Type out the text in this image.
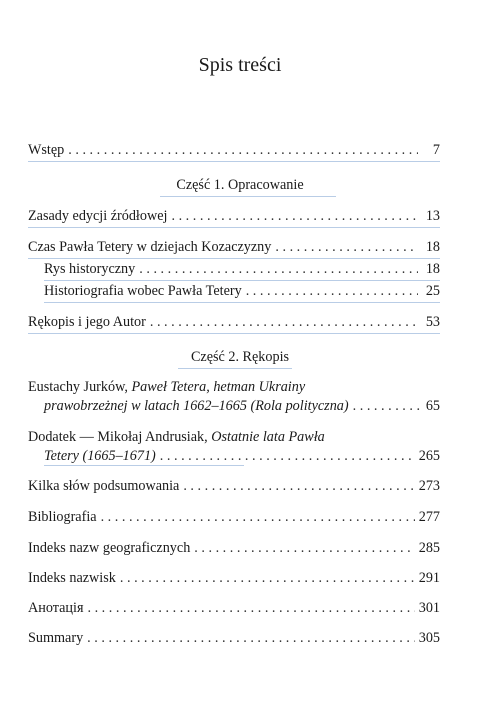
Spis treści
Wstęp . . .	7
Część 1. Opracowanie
Zasady edycji źródłowej . . .	13
Czas Pawła Tetery w dziejach Kozaczyzny . . .	18
Rys historyczny . . .	18
Historiografia wobec Pawła Tetery . . .	25
Rękopis i jego Autor . . .	53
Część 2. Rękopis
Eustachy Jurków, Paweł Tetera, hetman Ukrainy
prawobrzeżnej w latach 1662–1665 (Rola polityczna) . . .	65
Dodatek — Mikołaj Andrusiak, Ostatnie lata Pawła
Tetery (1665–1671) . . .	265
Kilka słów podsumowania . . .	273
Bibliografia . . .	277
Indeks nazw geograficznych . . .	285
Indeks nazwisk . . .	291
Анотація . . .	301
Summary . . .	305
